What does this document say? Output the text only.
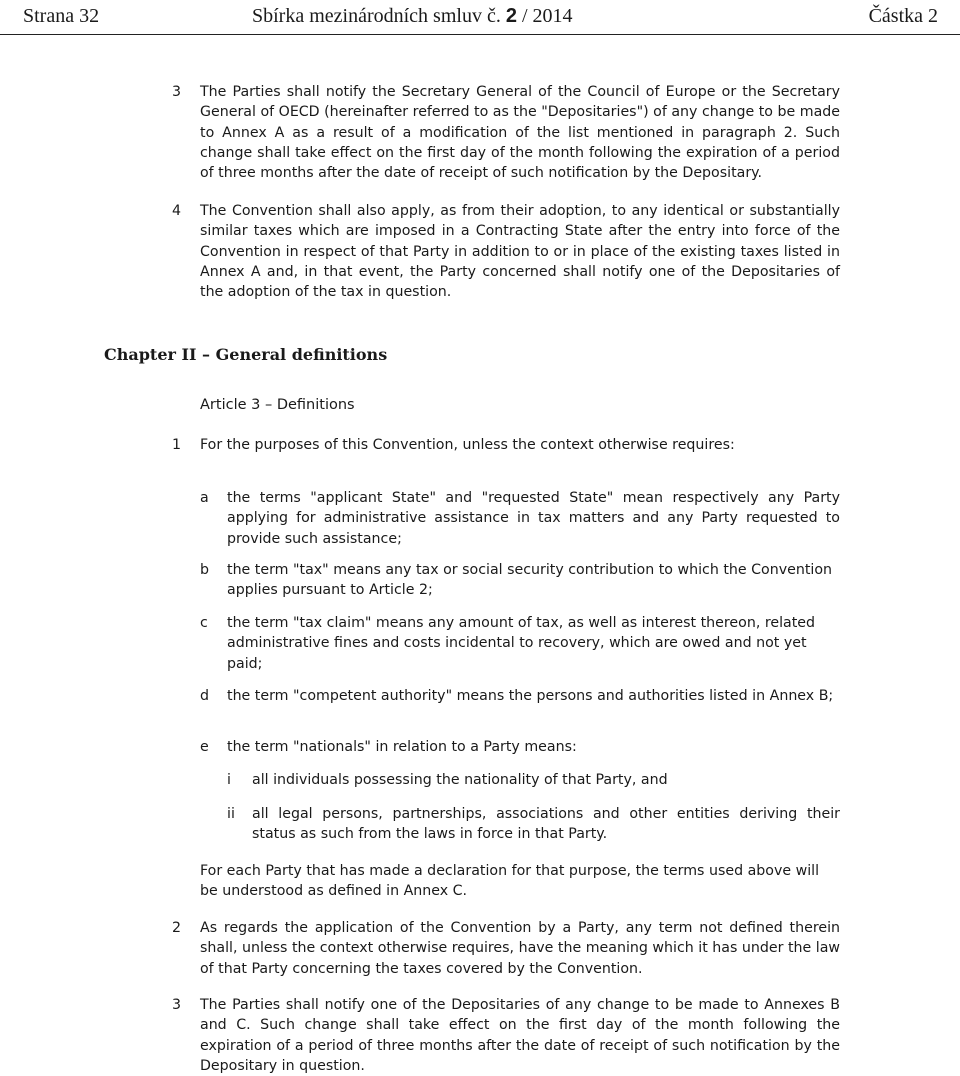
Strana 32	Sbírka mezinárodních smluv č. 2 / 2014	Částka 2
3 The Parties shall notify the Secretary General of the Council of Europe or the Secretary General of OECD (hereinafter referred to as the "Depositaries") of any change to be made to Annex A as a result of a modification of the list mentioned in paragraph 2. Such change shall take effect on the first day of the month following the expiration of a period of three months after the date of receipt of such notification by the Depositary.
4 The Convention shall also apply, as from their adoption, to any identical or substantially similar taxes which are imposed in a Contracting State after the entry into force of the Convention in respect of that Party in addition to or in place of the existing taxes listed in Annex A and, in that event, the Party concerned shall notify one of the Depositaries of the adoption of the tax in question.
Chapter II – General definitions
Article 3 – Definitions
1 For the purposes of this Convention, unless the context otherwise requires:
a the terms "applicant State" and "requested State" mean respectively any Party applying for administrative assistance in tax matters and any Party requested to provide such assistance;
b the term "tax" means any tax or social security contribution to which the Convention applies pursuant to Article 2;
c the term "tax claim" means any amount of tax, as well as interest thereon, related administrative fines and costs incidental to recovery, which are owed and not yet paid;
d the term "competent authority" means the persons and authorities listed in Annex B;
e the term "nationals" in relation to a Party means:
i all individuals possessing the nationality of that Party, and
ii all legal persons, partnerships, associations and other entities deriving their status as such from the laws in force in that Party.
For each Party that has made a declaration for that purpose, the terms used above will be understood as defined in Annex C.
2 As regards the application of the Convention by a Party, any term not defined therein shall, unless the context otherwise requires, have the meaning which it has under the law of that Party concerning the taxes covered by the Convention.
3 The Parties shall notify one of the Depositaries of any change to be made to Annexes B and C. Such change shall take effect on the first day of the month following the expiration of a period of three months after the date of receipt of such notification by the Depositary in question.
